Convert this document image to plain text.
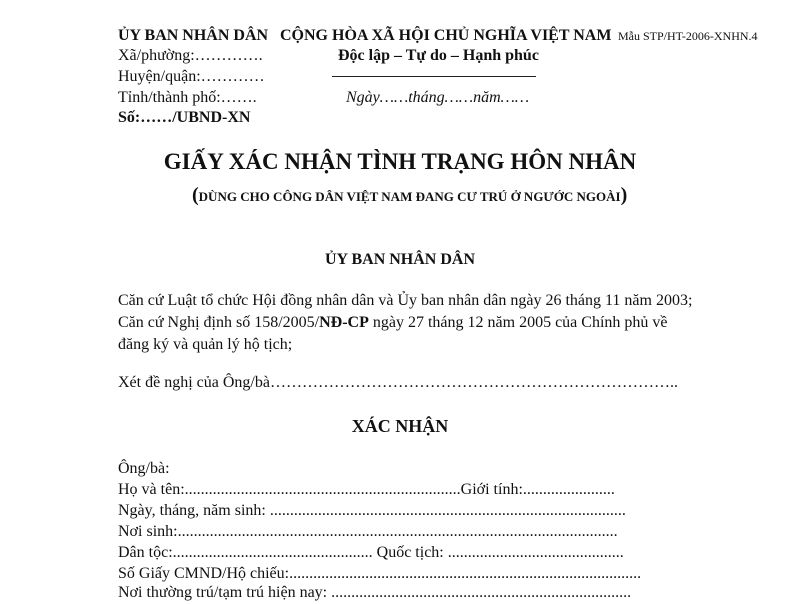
ỦY BAN NHÂN DÂN
Xã/phường:………….
Huyện/quận:…………
Tỉnh/thành phố:…….
Số:……/UBND-XN
CỘNG HÒA XÃ HỘI CHỦ NGHĨA VIỆT NAM Mẫu STP/HT-2006-XNHN.4
Độc lập – Tự do – Hạnh phúc
Ngày……tháng……năm……
GIẤY XÁC NHẬN TÌNH TRẠNG HÔN NHÂN
(DÙNG CHO CÔNG DÂN VIỆT NAM ĐANG CƯ TRÚ Ở NGƯỚC NGOÀI)
ỦY BAN NHÂN DÂN
Căn cứ Luật tổ chức Hội đồng nhân dân và Ủy ban nhân dân ngày 26 tháng 11 năm 2003;
Căn cứ Nghị định số 158/2005/NĐ-CP ngày 27 tháng 12 năm 2005 của Chính phủ về
đăng ký và quản lý hộ tịch;
Xét đề nghị của Ông/bà…………………………………………………………………..
XÁC NHẬN
Ông/bà:
Họ và tên:.....................................................................Giới tính:.......................
Ngày, tháng, năm sinh: .........................................................................................
Nơi sinh:..............................................................................................................
Dân tộc:.................................................. Quốc tịch: ............................................
Số Giấy CMND/Hộ chiếu:........................................................................................
Nơi thường trú/tạm trú hiện nay: ...........................................................................
